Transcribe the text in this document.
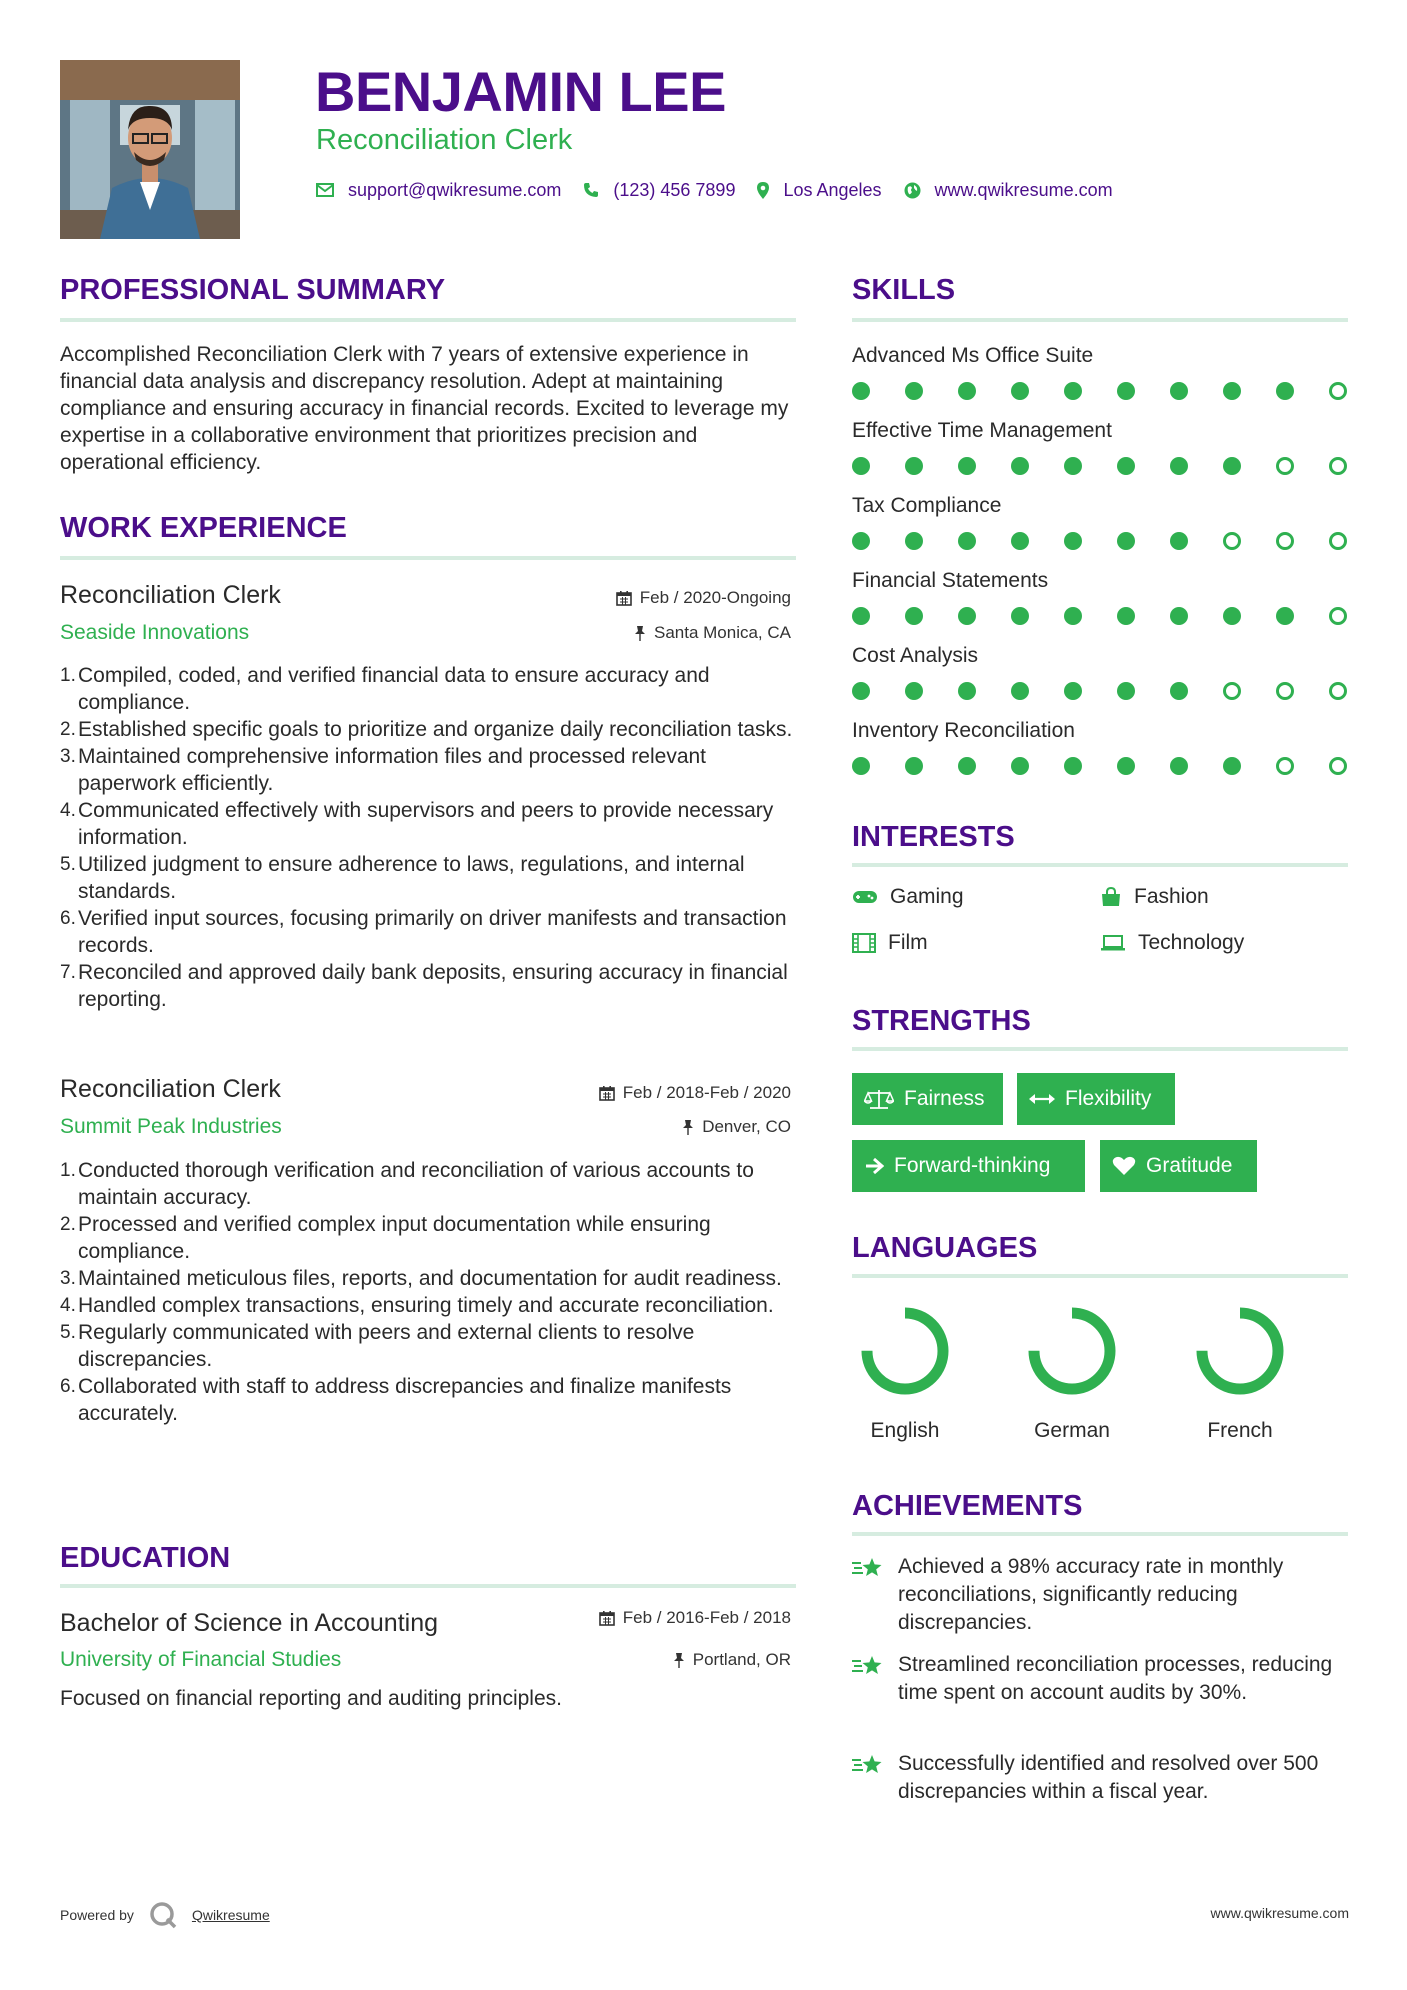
BENJAMIN LEE
Reconciliation Clerk
support@qwikresume.com	(123) 456 7899	Los Angeles	www.qwikresume.com
PROFESSIONAL SUMMARY
Accomplished Reconciliation Clerk with 7 years of extensive experience in financial data analysis and discrepancy resolution. Adept at maintaining compliance and ensuring accuracy in financial records. Excited to leverage my expertise in a collaborative environment that prioritizes precision and operational efficiency.
WORK EXPERIENCE
Reconciliation Clerk
Seaside Innovations
Feb / 2020-Ongoing
Santa Monica, CA
Compiled, coded, and verified financial data to ensure accuracy and compliance.
Established specific goals to prioritize and organize daily reconciliation tasks.
Maintained comprehensive information files and processed relevant paperwork efficiently.
Communicated effectively with supervisors and peers to provide necessary information.
Utilized judgment to ensure adherence to laws, regulations, and internal standards.
Verified input sources, focusing primarily on driver manifests and transaction records.
Reconciled and approved daily bank deposits, ensuring accuracy in financial reporting.
Reconciliation Clerk
Summit Peak Industries
Feb / 2018-Feb / 2020
Denver, CO
Conducted thorough verification and reconciliation of various accounts to maintain accuracy.
Processed and verified complex input documentation while ensuring compliance.
Maintained meticulous files, reports, and documentation for audit readiness.
Handled complex transactions, ensuring timely and accurate reconciliation.
Regularly communicated with peers and external clients to resolve discrepancies.
Collaborated with staff to address discrepancies and finalize manifests accurately.
EDUCATION
Bachelor of Science in Accounting
University of Financial Studies
Feb / 2016-Feb / 2018
Portland, OR
Focused on financial reporting and auditing principles.
SKILLS
Advanced Ms Office Suite
Effective Time Management
Tax Compliance
Financial Statements
Cost Analysis
Inventory Reconciliation
INTERESTS
Gaming	Fashion
Film	Technology
STRENGTHS
Fairness	Flexibility
Forward-thinking	Gratitude
LANGUAGES
English	German	French
ACHIEVEMENTS
Achieved a 98% accuracy rate in monthly reconciliations, significantly reducing discrepancies.
Streamlined reconciliation processes, reducing time spent on account audits by 30%.
Successfully identified and resolved over 500 discrepancies within a fiscal year.
Powered by	Qwikresume	www.qwikresume.com
